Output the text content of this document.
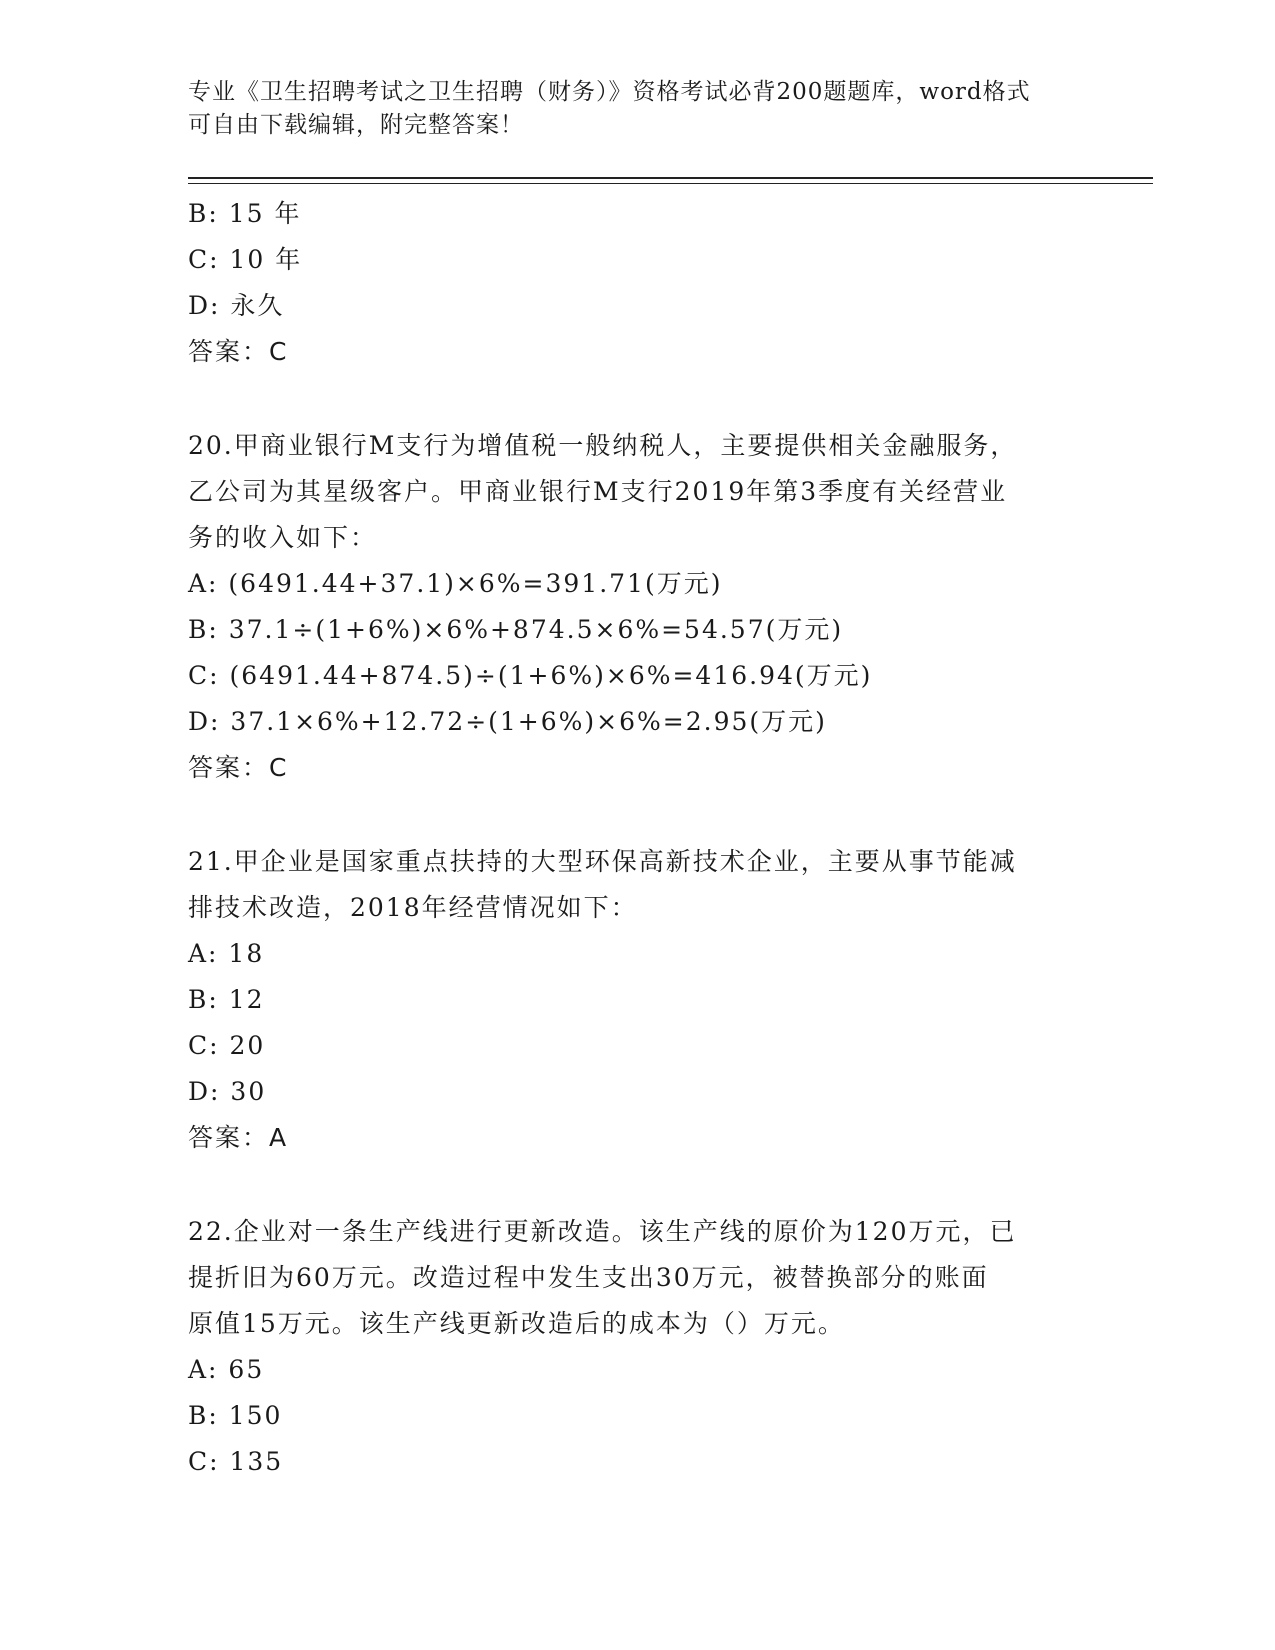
专业《卫生招聘考试之卫生招聘（财务）》资格考试必背200题题库，word格式
可自由下载编辑，附完整答案！

B: 15 年
C: 10 年
D: 永久
答案：C
20.甲商业银行M支行为增值税一般纳税人，主要提供相关金融服务，
乙公司为其星级客户。甲商业银行M支行2019年第3季度有关经营业
务的收入如下：
A: (6491.44+37.1)×6%=391.71(万元)
B: 37.1÷(1+6%)×6%+874.5×6%=54.57(万元)
C: (6491.44+874.5)÷(1+6%)×6%=416.94(万元)
D: 37.1×6%+12.72÷(1+6%)×6%=2.95(万元)
答案：C
21.甲企业是国家重点扶持的大型环保高新技术企业，主要从事节能减
排技术改造，2018年经营情况如下：
A: 18
B: 12
C: 20
D: 30
答案：A
22.企业对一条生产线进行更新改造。该生产线的原价为120万元，已
提折旧为60万元。改造过程中发生支出30万元，被替换部分的账面
原值15万元。该生产线更新改造后的成本为（）万元。
A: 65
B: 150
C: 135
